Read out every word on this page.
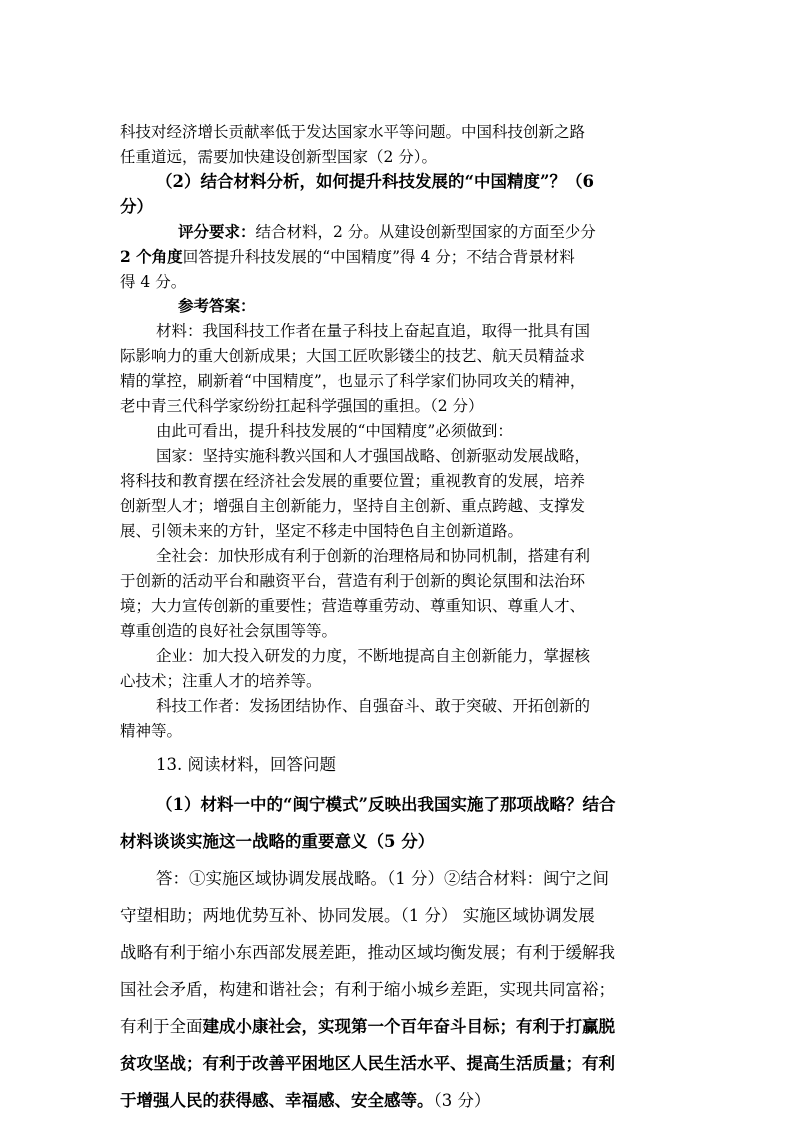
科技对经济增长贡献率低于发达国家水平等问题。中国科技创新之路
任重道远，需要加快建设创新型国家（2 分）。
（2）结合材料分析，如何提升科技发展的“中国精度”？（6
分）
评分要求：结合材料，2 分。从建设创新型国家的方面至少分
2 个角度回答提升科技发展的“中国精度”得 4 分；不结合背景材料
得 4 分。
参考答案：
材料：我国科技工作者在量子科技上奋起直追，取得一批具有国
际影响力的重大创新成果；大国工匠吹影镂尘的技艺、航天员精益求
精的掌控，刷新着“中国精度”，也显示了科学家们协同攻关的精神，
老中青三代科学家纷纷扛起科学强国的重担。（2 分）
由此可看出，提升科技发展的“中国精度”必须做到：
国家：坚持实施科教兴国和人才强国战略、创新驱动发展战略，
将科技和教育摆在经济社会发展的重要位置；重视教育的发展，培养
创新型人才；增强自主创新能力，坚持自主创新、重点跨越、支撑发
展、引领未来的方针，坚定不移走中国特色自主创新道路。
全社会：加快形成有利于创新的治理格局和协同机制，搭建有利
于创新的活动平台和融资平台，营造有利于创新的舆论氛围和法治环
境；大力宣传创新的重要性；营造尊重劳动、尊重知识、尊重人才、
尊重创造的良好社会氛围等等。
企业：加大投入研发的力度，不断地提高自主创新能力，掌握核
心技术；注重人才的培养等。
科技工作者：发扬团结协作、自强奋斗、敢于突破、开拓创新的
精神等。
13. 阅读材料，回答问题
（1）材料一中的“闽宁模式”反映出我国实施了那项战略？结合
材料谈谈实施这一战略的重要意义（5 分）
答：①实施区域协调发展战略。（1 分）②结合材料：闽宁之间
守望相助；两地优势互补、协同发展。（1 分） 实施区域协调发展
战略有利于缩小东西部发展差距，推动区域均衡发展；有利于缓解我
国社会矛盾，构建和谐社会；有利于缩小城乡差距，实现共同富裕；
有利于全面建成小康社会，实现第一个百年奋斗目标；有利于打赢脱
贫攻坚战；有利于改善平困地区人民生活水平、提高生活质量；有利
于增强人民的获得感、幸福感、安全感等。（3 分）
